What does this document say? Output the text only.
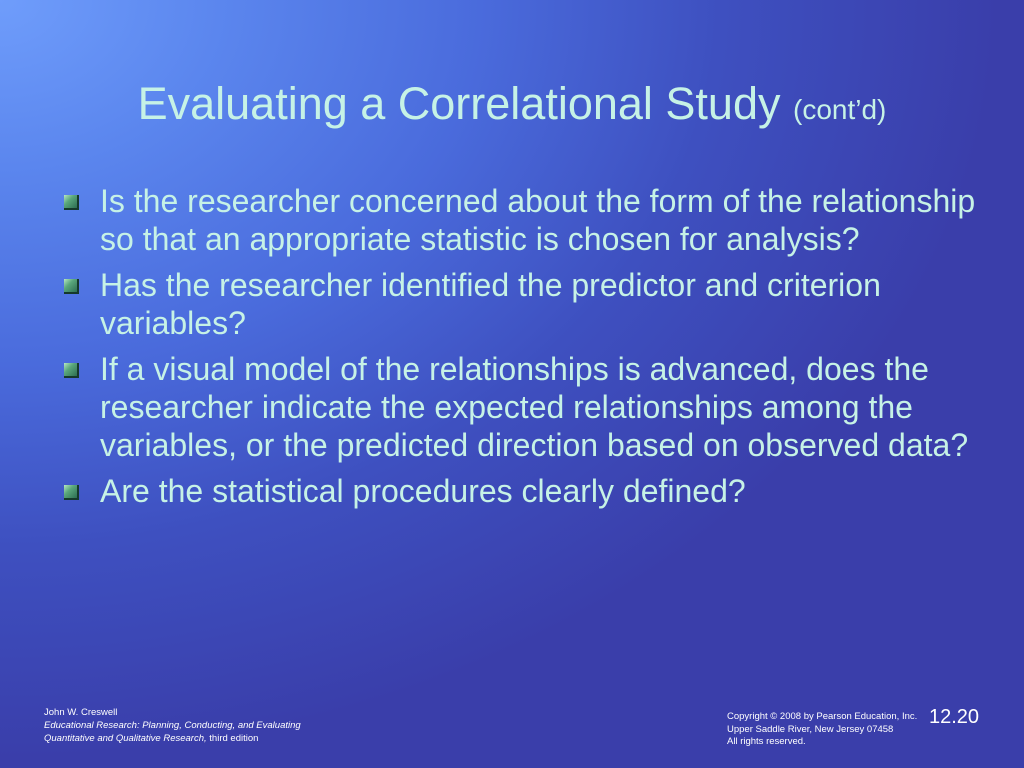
Evaluating a Correlational Study (cont’d)
Is the researcher concerned about the form of the relationship so that an appropriate statistic is chosen for analysis?
Has the researcher identified the predictor and criterion variables?
If a visual model of the relationships is advanced, does the researcher indicate the expected relationships among the variables, or the predicted direction based on observed data?
Are the statistical procedures clearly defined?
John W. Creswell
Educational Research: Planning, Conducting, and Evaluating
Quantitative and Qualitative Research, third edition
Copyright © 2008 by Pearson Education, Inc.
Upper Saddle River, New Jersey 07458
All rights reserved.
12.20
